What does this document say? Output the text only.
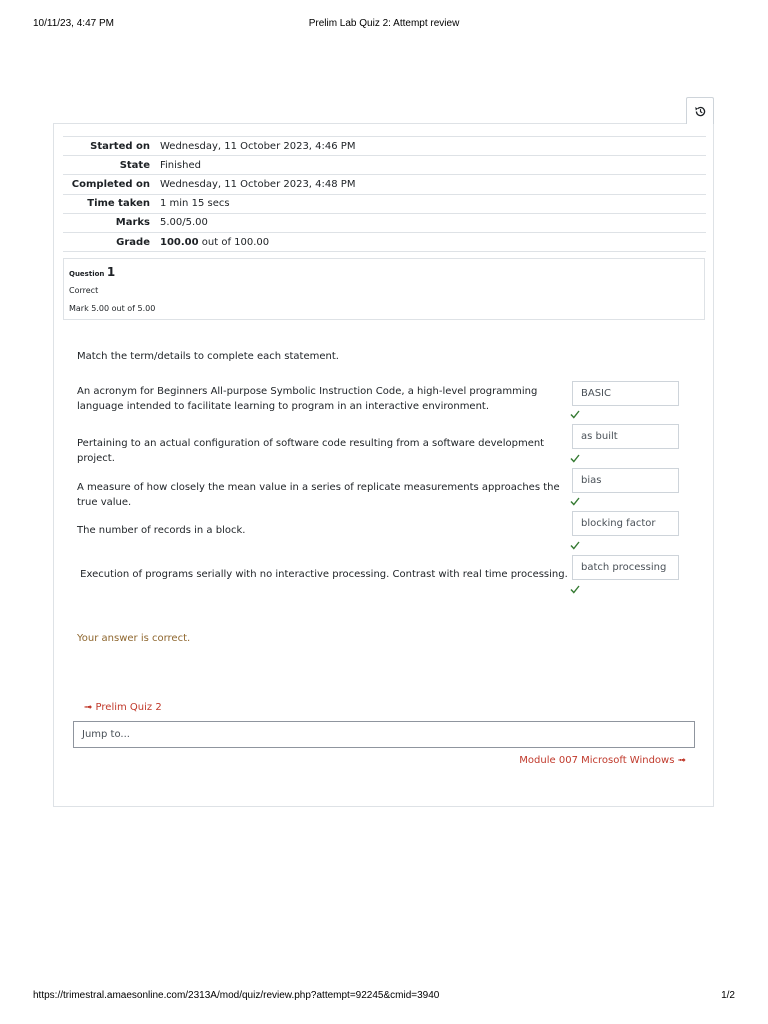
10/11/23, 4:47 PM	Prelim Lab Quiz 2: Attempt review
Started on	Wednesday, 11 October 2023, 4:46 PM
State	Finished
Completed on	Wednesday, 11 October 2023, 4:48 PM
Time taken	1 min 15 secs
Marks	5.00/5.00
Grade	100.00 out of 100.00
Question 1
Correct
Mark 5.00 out of 5.00
Match the term/details to complete each statement.
An acronym for Beginners All-purpose Symbolic Instruction Code, a high-level programming language intended to facilitate learning to program in an interactive environment.
BASIC
Pertaining to an actual configuration of software code resulting from a software development project.
as built
A measure of how closely the mean value in a series of replicate measurements approaches the true value.
bias
The number of records in a block.
blocking factor
Execution of programs serially with no interactive processing. Contrast with real time processing.
batch processing
Your answer is correct.
➟ Prelim Quiz 2
Jump to...
Module 007 Microsoft Windows ➟
https://trimestral.amaesonline.com/2313A/mod/quiz/review.php?attempt=92245&cmid=3940	1/2
